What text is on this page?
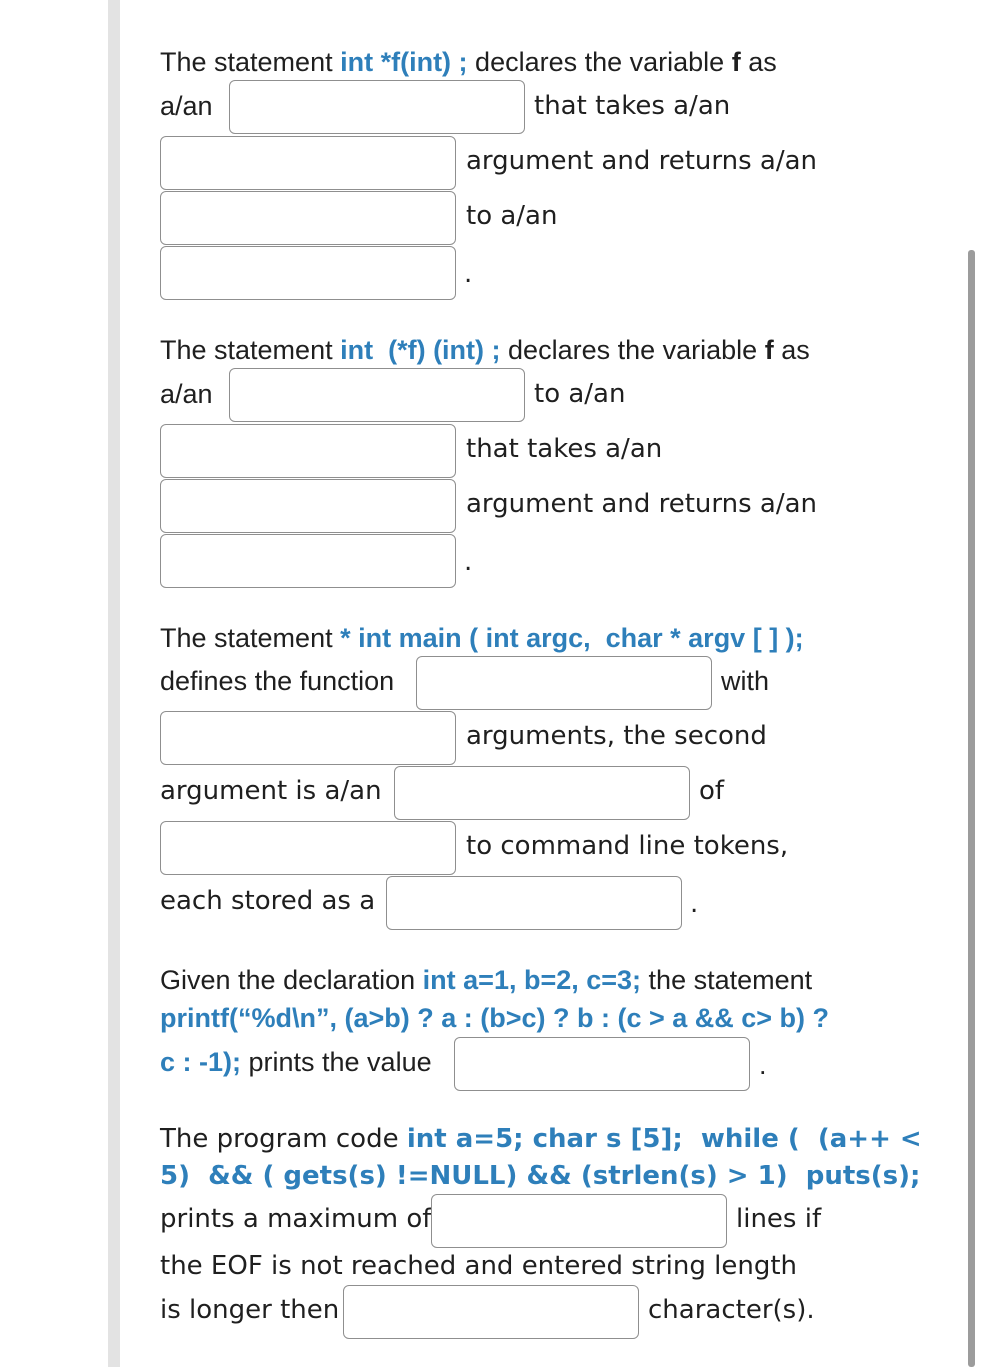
The statement int *f(int) ; declares the variable f as
a/an	that takes a/an
argument and returns a/an
to a/an
.
The statement int  (*f) (int) ; declares the variable f as
a/an	to a/an
that takes a/an
argument and returns a/an
.
The statement * int main ( int argc,  char * argv [ ] );
defines the function	with
arguments, the second
argument is a/an	of
to command line tokens,
each stored as a	.
Given the declaration int a=1, b=2, c=3; the statement
printf(“%d\n”, (a>b) ? a : (b>c) ? b : (c > a && c> b) ?
c : -1); prints the value	.
The program code int a=5; char s [5];  while (  (a++ <
5)  && ( gets(s) !=NULL) && (strlen(s) > 1)  puts(s);
prints a maximum of	lines if
the EOF is not reached and entered string length
is longer then	character(s).
